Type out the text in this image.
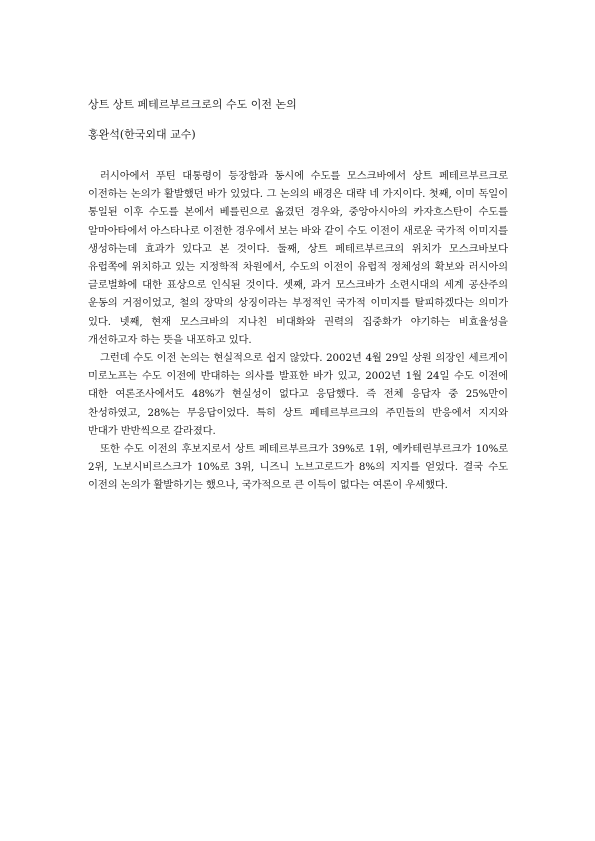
상트 상트 페테르부르크로의 수도 이전 논의
홍완석(한국외대 교수)

러시아에서 푸틴 대통령이 등장함과 동시에 수도를 모스크바에서 상트 페테르부르크로 이전하는 논의가 활발했던 바가 있었다. 그 논의의 배경은 대략 네 가지이다. 첫째, 이미 독일이 통일된 이후 수도를 본에서 베를린으로 옮겼던 경우와, 중앙아시아의 카자흐스탄이 수도를 알마아타에서 아스타나로 이전한 경우에서 보는 바와 같이 수도 이전이 새로운 국가적 이미지를 생성하는데 효과가 있다고 본 것이다. 둘째, 상트 페테르부르크의 위치가 모스크바보다 유럽쪽에 위치하고 있는 지정학적 차원에서, 수도의 이전이 유럽적 정체성의 확보와 러시아의 글로벌화에 대한 표상으로 인식된 것이다. 셋째, 과거 모스크바가 소련시대의 세계 공산주의 운동의 거점이었고, 철의 장막의 상징이라는 부정적인 국가적 이미지를 탈피하겠다는 의미가 있다. 넷째, 현재 모스크바의 지나친 비대화와 권력의 집중화가 야기하는 비효율성을 개선하고자 하는 뜻을 내포하고 있다.

그런데 수도 이전 논의는 현실적으로 쉽지 않았다. 2002년 4월 29일 상원 의장인 세르게이 미로노프는 수도 이전에 반대하는 의사를 발표한 바가 있고, 2002년 1월 24일 수도 이전에 대한 여론조사에서도 48%가 현실성이 없다고 응답했다. 즉 전체 응답자 중 25%만이 찬성하였고, 28%는 무응답이었다. 특히 상트 페테르부르크의 주민들의 반응에서 지지와 반대가 반반씩으로 갈라졌다.

또한 수도 이전의 후보지로서 상트 페테르부르크가 39%로 1위, 예카테린부르크가 10%로 2위, 노보시비르스크가 10%로 3위, 니즈니 노브고로드가 8%의 지지를 얻었다. 결국 수도 이전의 논의가 활발하기는 했으나, 국가적으로 큰 이득이 없다는 여론이 우세했다.
